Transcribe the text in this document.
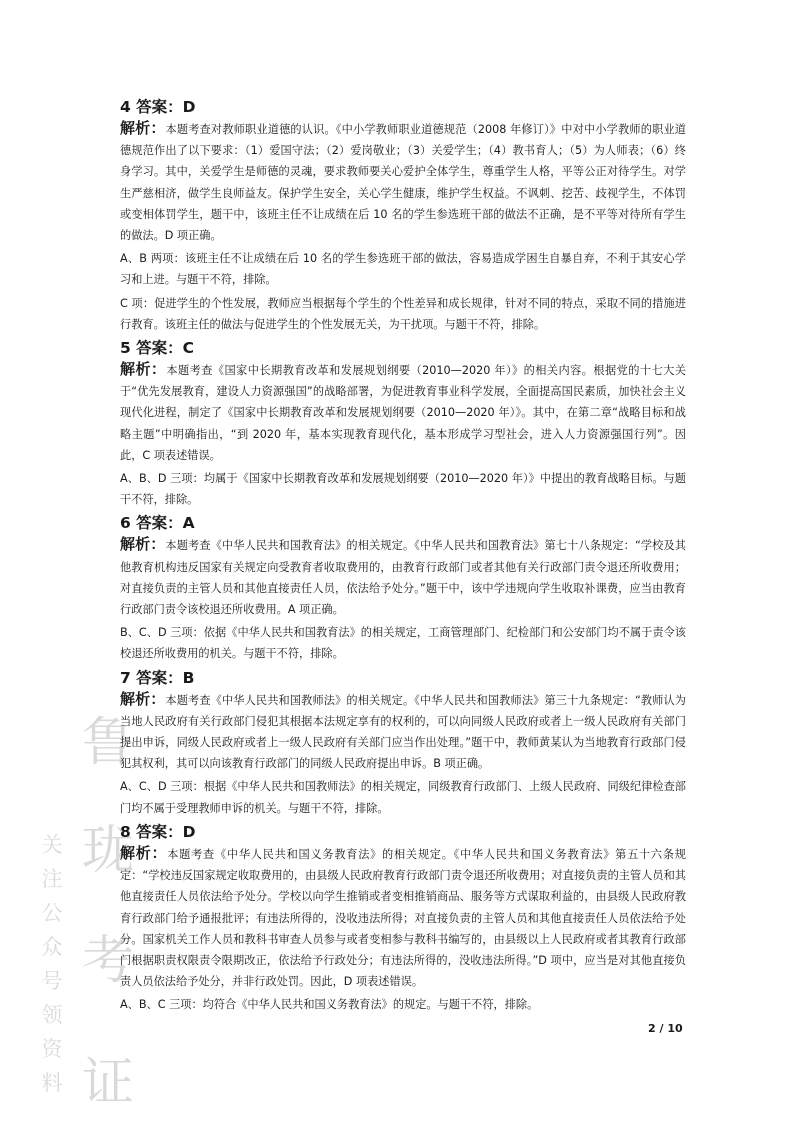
鲁
珑
考
证
关
注
公
众
号
领
资
料
4 答案：D

解析：本题考查对教师职业道德的认识。《中小学教师职业道德规范（2008 年修订）》中对中小学教师的职业道德规范作出了以下要求：（1）爱国守法；（2）爱岗敬业；（3）关爱学生；（4）教书育人；（5）为人师表；（6）终身学习。其中，关爱学生是师德的灵魂，要求教师要关心爱护全体学生，尊重学生人格，平等公正对待学生。对学生严慈相济，做学生良师益友。保护学生安全，关心学生健康，维护学生权益。不讽刺、挖苦、歧视学生，不体罚或变相体罚学生，题干中，该班主任不让成绩在后 10 名的学生参选班干部的做法不正确，是不平等对待所有学生的做法。D 项正确。

A、B 两项：该班主任不让成绩在后 10 名的学生参选班干部的做法，容易造成学困生自暴自弃，不利于其安心学习和上进。与题干不符，排除。

C 项：促进学生的个性发展，教师应当根据每个学生的个性差异和成长规律，针对不同的特点，采取不同的措施进行教育。该班主任的做法与促进学生的个性发展无关，为干扰项。与题干不符，排除。

5 答案：C

解析：本题考查《国家中长期教育改革和发展规划纲要（2010—2020 年）》的相关内容。根据党的十七大关于“优先发展教育，建设人力资源强国”的战略部署，为促进教育事业科学发展，全面提高国民素质，加快社会主义现代化进程，制定了《国家中长期教育改革和发展规划纲要（2010—2020 年）》。其中，在第二章“战略目标和战略主题”中明确指出，“到 2020 年，基本实现教育现代化，基本形成学习型社会，进入人力资源强国行列”。因此，C 项表述错误。

A、B、D 三项：均属于《国家中长期教育改革和发展规划纲要（2010—2020 年）》中提出的教育战略目标。与题干不符，排除。

6 答案：A

解析：本题考查《中华人民共和国教育法》的相关规定。《中华人民共和国教育法》第七十八条规定：“学校及其他教育机构违反国家有关规定向受教育者收取费用的，由教育行政部门或者其他有关行政部门责令退还所收费用；对直接负责的主管人员和其他直接责任人员，依法给予处分。”题干中，该中学违规向学生收取补课费，应当由教育行政部门责令该校退还所收费用。A 项正确。

B、C、D 三项：依据《中华人民共和国教育法》的相关规定，工商管理部门、纪检部门和公安部门均不属于责令该校退还所收费用的机关。与题干不符，排除。

7 答案：B

解析：本题考查《中华人民共和国教师法》的相关规定。《中华人民共和国教师法》第三十九条规定：“教师认为当地人民政府有关行政部门侵犯其根据本法规定享有的权利的，可以向同级人民政府或者上一级人民政府有关部门提出申诉，同级人民政府或者上一级人民政府有关部门应当作出处理。”题干中，教师黄某认为当地教育行政部门侵犯其权利，其可以向该教育行政部门的同级人民政府提出申诉。B 项正确。

A、C、D 三项：根据《中华人民共和国教师法》的相关规定，同级教育行政部门、上级人民政府、同级纪律检查部门均不属于受理教师申诉的机关。与题干不符，排除。

8 答案：D

解析：本题考查《中华人民共和国义务教育法》的相关规定。《中华人民共和国义务教育法》第五十六条规定：“学校违反国家规定收取费用的，由县级人民政府教育行政部门责令退还所收费用；对直接负责的主管人员和其他直接责任人员依法给予处分。学校以向学生推销或者变相推销商品、服务等方式谋取利益的，由县级人民政府教育行政部门给予通报批评；有违法所得的，没收违法所得；对直接负责的主管人员和其他直接责任人员依法给予处分。国家机关工作人员和教科书审查人员参与或者变相参与教科书编写的，由县级以上人民政府或者其教育行政部门根据职责权限责令限期改正，依法给予行政处分；有违法所得的，没收违法所得。”D 项中，应当是对其他直接负责人员依法给予处分，并非行政处罚。因此，D 项表述错误。

A、B、C 三项：均符合《中华人民共和国义务教育法》的规定。与题干不符，排除。

2 / 10
